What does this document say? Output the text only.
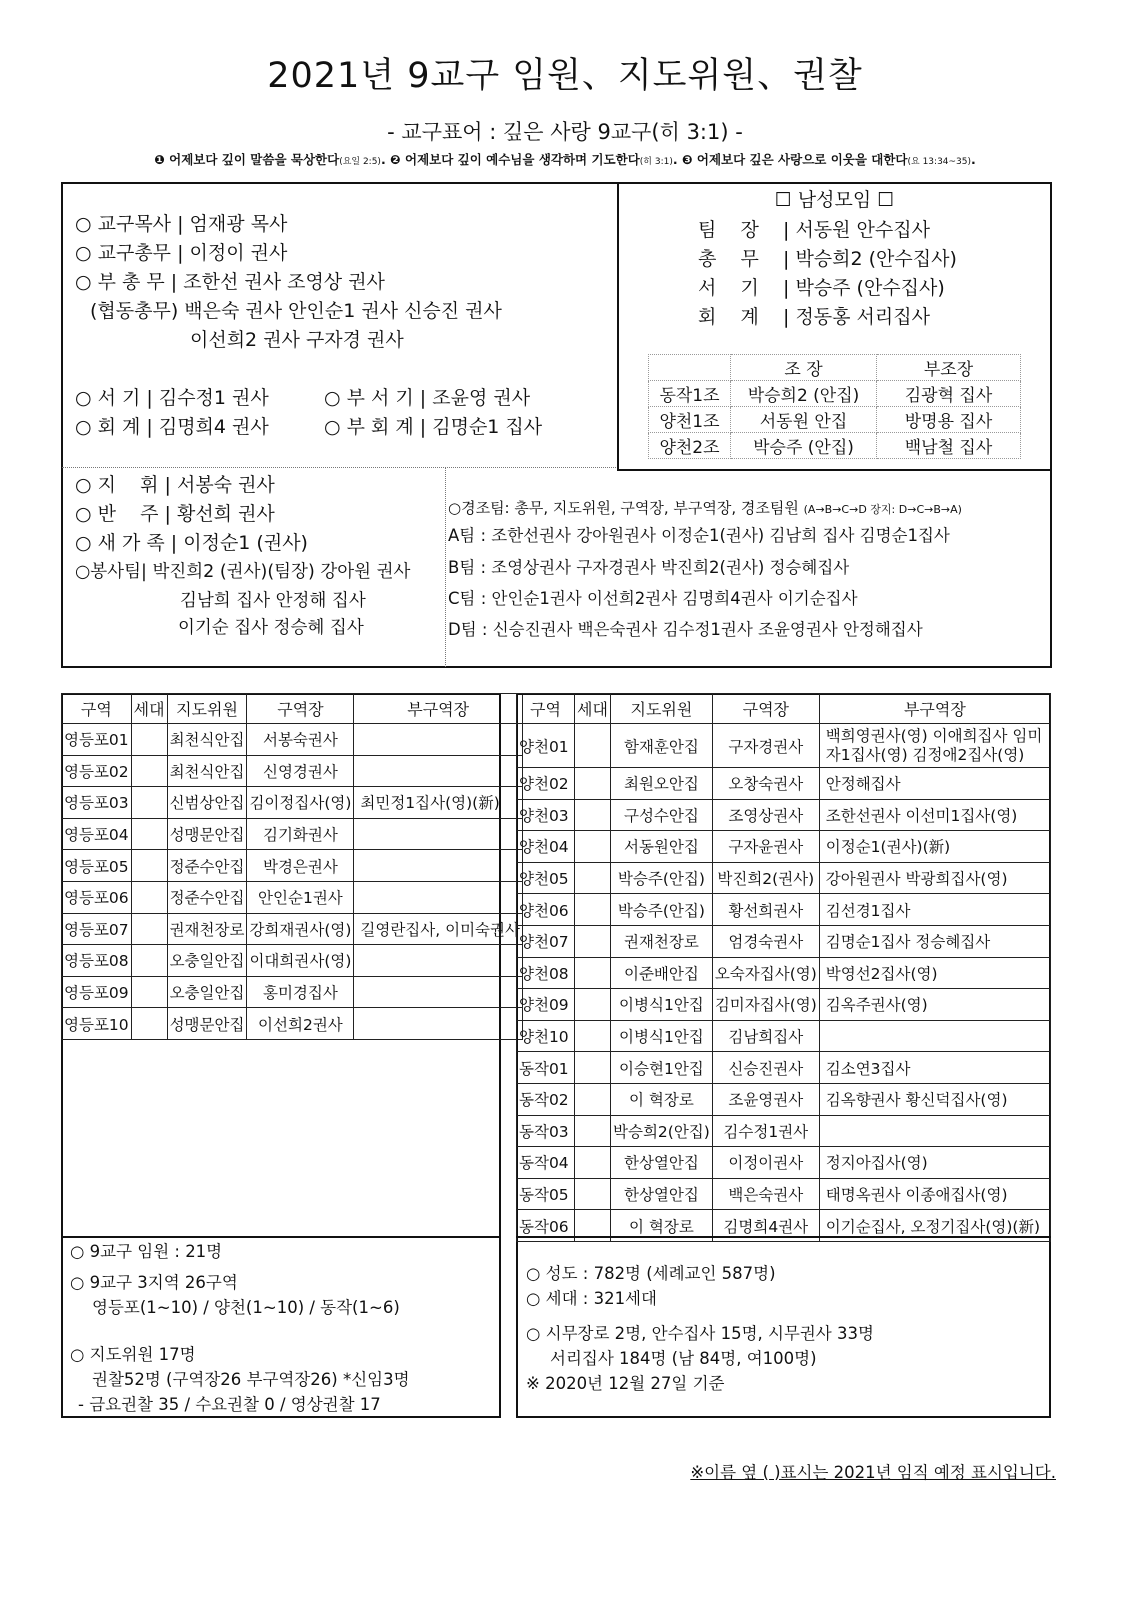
2021년 9교구 임원、지도위원、권찰
- 교구표어 : 깊은 사랑 9교구(히 3:1) -
❶ 어제보다 깊이 말씀을 묵상한다(요일 2:5). ❷ 어제보다 깊이 예수님을 생각하며 기도한다(히 3:1). ❸ 어제보다 깊은 사랑으로 이웃을 대한다(요 13:34~35).
○ 교구목사 | 엄재광 목사
○ 교구총무 | 이정이 권사
○ 부 총 무 | 조한선 권사 조영상 권사
(협동총무) 백은숙 권사 안인순1 권사 신승진 권사
이선희2 권사 구자경 권사
○ 서 기 | 김수정1 권사	○ 부 서 기 | 조윤영 권사
○ 회 계 | 김명희4 권사	○ 부 회 계 | 김명순1 집사
☐ 남성모임 ☐
팀    장 | 서동원 안수집사
총    무 | 박승희2 (안수집사)
서    기 | 박승주 (안수집사)
회    계 | 정동홍 서리집사
	조 장	부조장
동작1조	박승희2 (안집)	김광혁 집사
양천1조	서동원 안집	방명용 집사
양천2조	박승주 (안집)	백남철 집사
○ 지    휘 | 서봉숙 권사
○ 반    주 | 황선희 권사
○ 새 가 족 | 이정순1 (권사)
○봉사팀| 박진희2 (권사)(팀장) 강아원 권사
김남희 집사 안정해 집사
이기순 집사 정승혜 집사
○경조팀: 총무, 지도위원, 구역장, 부구역장, 경조팀원 (A→B→C→D 장지: D→C→B→A)
A팀 : 조한선권사 강아원권사 이정순1(권사) 김남희 집사 김명순1집사
B팀 : 조영상권사 구자경권사 박진희2(권사) 정승혜집사
C팀 : 안인순1권사 이선희2권사 김명희4권사 이기순집사
D팀 : 신승진권사 백은숙권사 김수정1권사 조윤영권사 안정해집사
구역	세대	지도위원	구역장	부구역장
영등포01		최천식안집	서봉숙권사	
영등포02		최천식안집	신영경권사	
영등포03		신범상안집	김이정집사(영)	최민정1집사(영)(新)
영등포04		성맹문안집	김기화권사	
영등포05		정준수안집	박경은권사	
영등포06		정준수안집	안인순1권사	
영등포07		권재천장로	강희재권사(영)	길영란집사, 이미숙권사
영등포08		오충일안집	이대희권사(영)	
영등포09		오충일안집	홍미경집사	
영등포10		성맹문안집	이선희2권사	
구역	세대	지도위원	구역장	부구역장
양천01		함재훈안집	구자경권사	백희영권사(영) 이애희집사 임미자1집사(영) 김정애2집사(영)
양천02		최원오안집	오창숙권사	안정해집사
양천03		구성수안집	조영상권사	조한선권사 이선미1집사(영)
양천04		서동원안집	구자윤권사	이정순1(권사)(新)
양천05		박승주(안집)	박진희2(권사)	강아원권사 박광희집사(영)
양천06		박승주(안집)	황선희권사	김선경1집사
양천07		권재천장로	엄경숙권사	김명순1집사 정승혜집사
양천08		이준배안집	오숙자집사(영)	박영선2집사(영)
양천09		이병식1안집	김미자집사(영)	김옥주권사(영)
양천10		이병식1안집	김남희집사	
동작01		이승현1안집	신승진권사	김소연3집사
동작02		이 혁장로	조윤영권사	김옥향권사 황신덕집사(영)
동작03		박승희2(안집)	김수정1권사	
동작04		한상열안집	이정이권사	정지아집사(영)
동작05		한상열안집	백은숙권사	태명옥권사 이종애집사(영)
동작06		이 혁장로	김명희4권사	이기순집사, 오정기집사(영)(新)
○ 9교구 임원 : 21명
○ 9교구 3지역 26구역
영등포(1~10) / 양천(1~10) / 동작(1~6)
○ 지도위원 17명
권찰52명 (구역장26 부구역장26) *신임3명
- 금요권찰 35 / 수요권찰 0 / 영상권찰 17
○ 성도 : 782명 (세례교인 587명)
○ 세대 : 321세대
○ 시무장로 2명, 안수집사 15명, 시무권사 33명
서리집사 184명 (남 84명, 여100명)
※ 2020년 12월 27일 기준
※이름 옆 ( )표시는 2021년 임직 예정 표시입니다.
